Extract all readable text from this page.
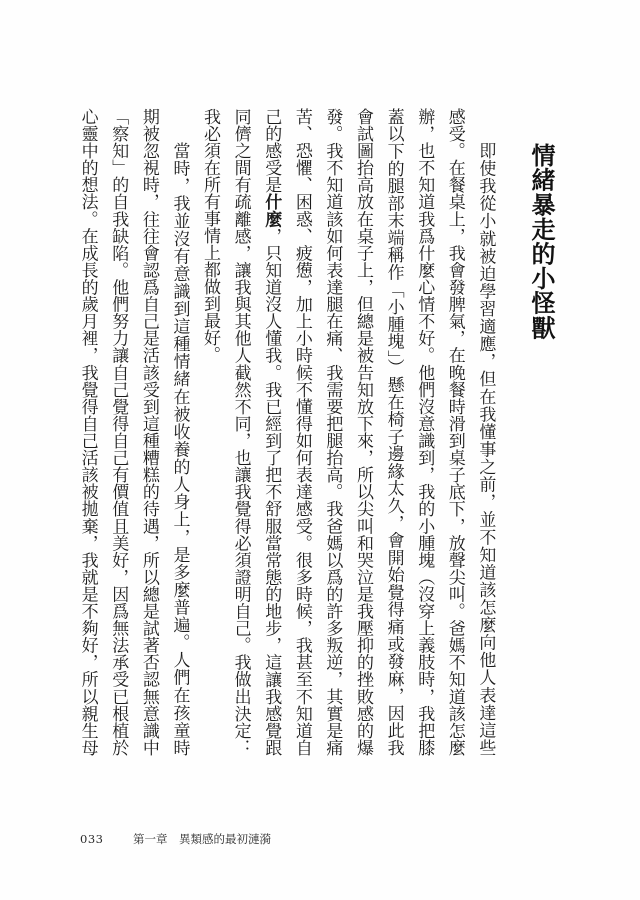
情緒暴走的小怪獸
即使我從小就被迫學習適應，但在我懂事之前，並不知道該怎麼向他人表達這些
感受。在餐桌上，我會發脾氣，在晚餐時滑到桌子底下，放聲尖叫。爸媽不知道該怎麼
辦，也不知道我爲什麼心情不好。他們沒意識到，我的小腫塊（沒穿上義肢時，我把膝
蓋以下的腿部末端稱作「小腫塊」）懸在椅子邊緣太久，會開始覺得痛或發麻，因此我
會試圖抬高放在桌子上，但總是被告知放下來，所以尖叫和哭泣是我壓抑的挫敗感的爆
發。我不知道該如何表達腿在痛、我需要把腿抬高。我爸媽以爲的許多叛逆，其實是痛
苦、恐懼、困惑、疲憊，加上小時候不懂得如何表達感受。很多時候，我甚至不知道自
己的感受是什麼，只知道沒人懂我。我已經到了把不舒服當常態的地步，這讓我感覺跟
同儕之間有疏離感，讓我與其他人截然不同，也讓我覺得必須證明自己。我做出決定：
我必須在所有事情上都做到最好。
當時，我並沒有意識到這種情緒在被收養的人身上，是多麼普遍。人們在孩童時
期被忽視時，往往會認爲自己是活該受到這種糟糕的待遇，所以總是試著否認無意識中
「察知」的自我缺陷。他們努力讓自己覺得自己有價值且美好，因爲無法承受已根植於
心靈中的想法。在成長的歲月裡，我覺得自己活該被拋棄，我就是不夠好，所以親生母
033	第一章 異類感的最初漣漪
